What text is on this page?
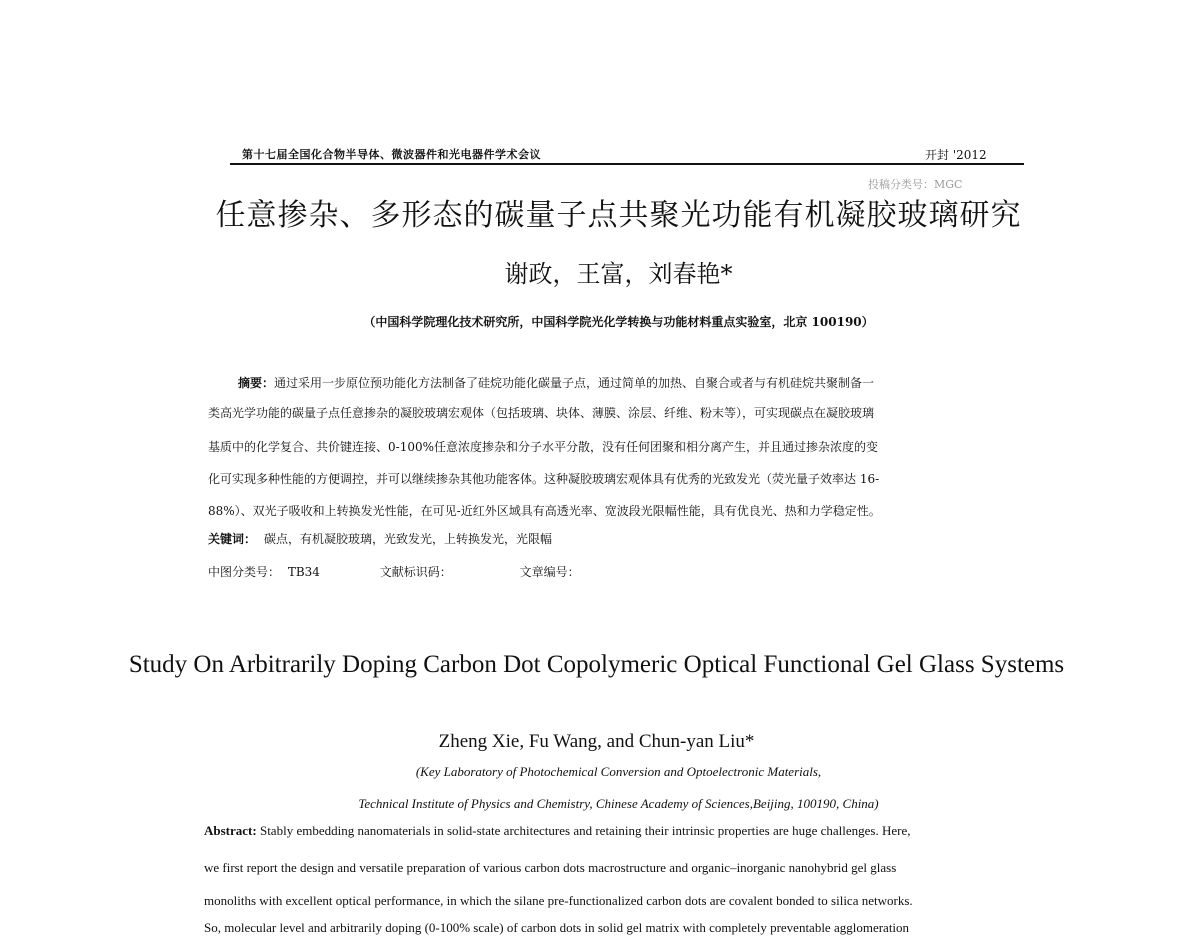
第十七届全国化合物半导体、微波器件和光电器件学术会议	开封 '2012
投稿分类号：MGC
任意掺杂、多形态的碳量子点共聚光功能有机凝胶玻璃研究
谢政，王富，刘春艳*
（中国科学院理化技术研究所，中国科学院光化学转换与功能材料重点实验室，北京 100190）
摘要：通过采用一步原位预功能化方法制备了硅烷功能化碳量子点，通过简单的加热、自聚合或者与有机硅烷共聚制备一
类高光学功能的碳量子点任意掺杂的凝胶玻璃宏观体（包括玻璃、块体、薄膜、涂层、纤维、粉末等），可实现碳点在凝胶玻璃
基质中的化学复合、共价键连接、0-100%任意浓度掺杂和分子水平分散，没有任何团聚和相分离产生，并且通过掺杂浓度的变
化可实现多种性能的方便调控，并可以继续掺杂其他功能客体。这种凝胶玻璃宏观体具有优秀的光致发光（荧光量子效率达 16-
88%）、双光子吸收和上转换发光性能，在可见-近红外区域具有高透光率、宽波段光限幅性能，具有优良光、热和力学稳定性。
关键词： 碳点，有机凝胶玻璃，光致发光，上转换发光，光限幅
中图分类号： TB34	文献标识码：	文章编号：
Study On Arbitrarily Doping Carbon Dot Copolymeric Optical Functional Gel Glass Systems
Zheng Xie, Fu Wang, and Chun-yan Liu*
(Key Laboratory of Photochemical Conversion and Optoelectronic Materials,
Technical Institute of Physics and Chemistry, Chinese Academy of Sciences,Beijing, 100190, China)
Abstract: Stably embedding nanomaterials in solid-state architectures and retaining their intrinsic properties are huge challenges. Here,
we first report the design and versatile preparation of various carbon dots macrostructure and organic–inorganic nanohybrid gel glass
monoliths with excellent optical performance, in which the silane pre-functionalized carbon dots are covalent bonded to silica networks.
So, molecular level and arbitrarily doping (0-100% scale) of carbon dots in solid gel matrix with completely preventable agglomeration
